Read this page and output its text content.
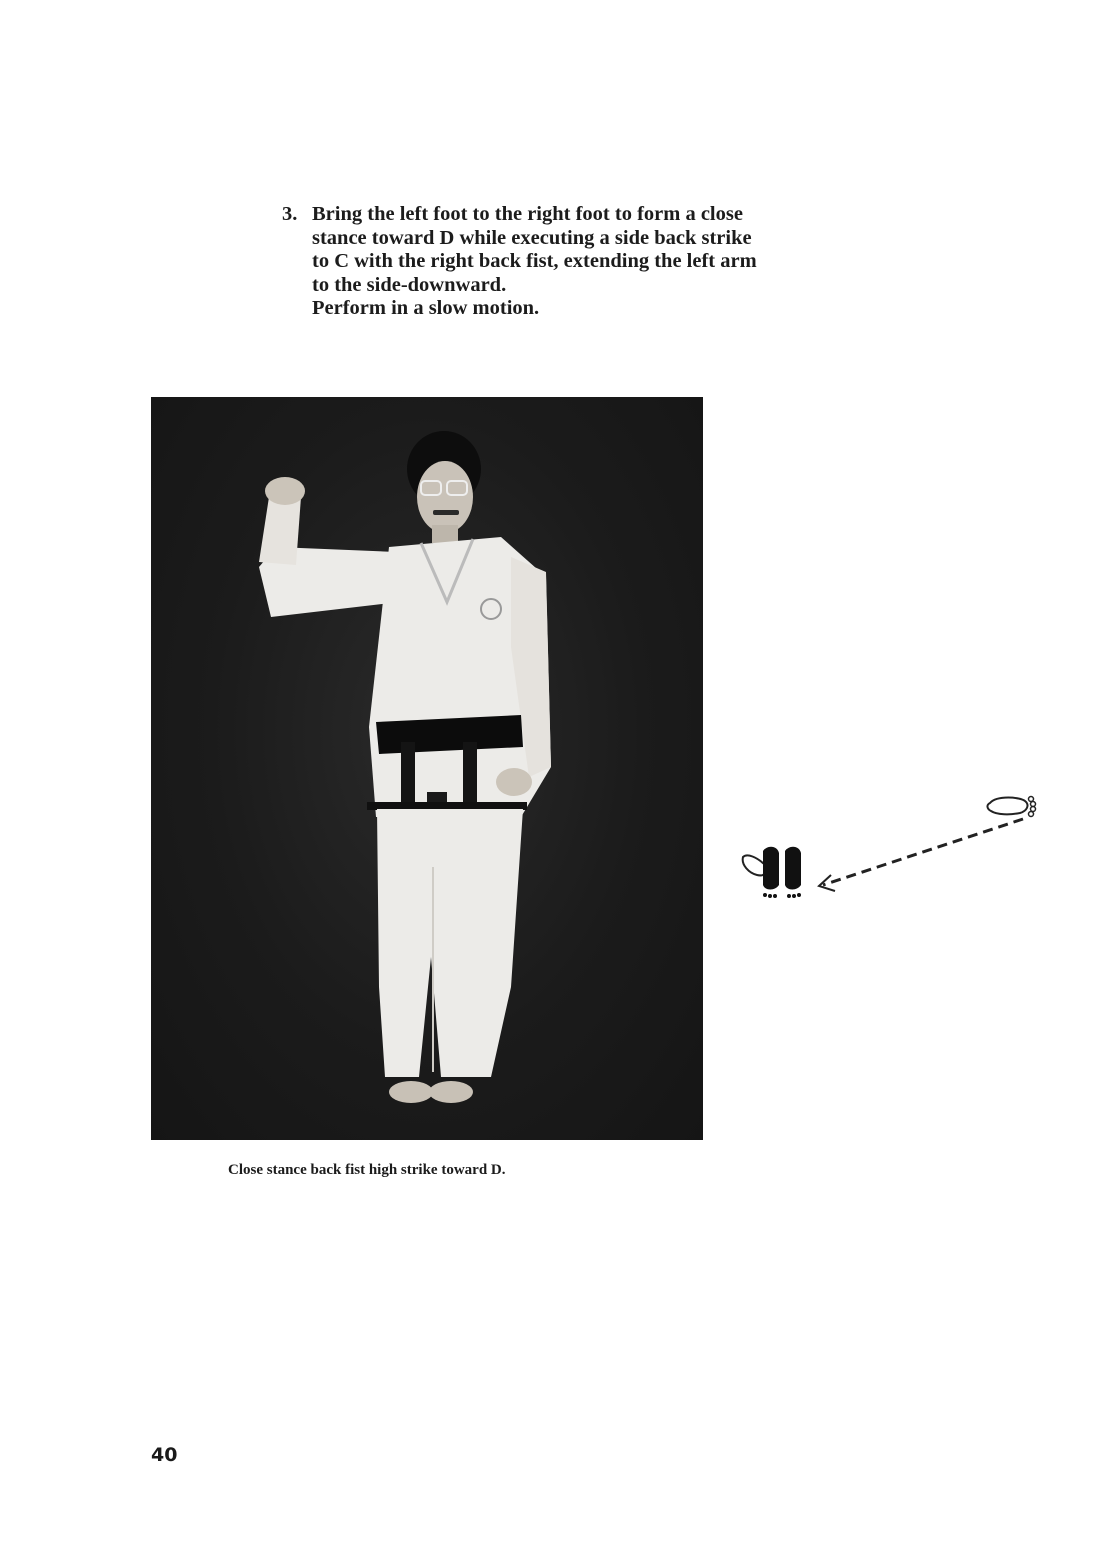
3. Bring the left foot to the right foot to form a close
stance toward D while executing a side back strike
to C with the right back fist, extending the left arm
to the side-downward.
Perform in a slow motion.
Close stance back fist high strike toward D.
40
